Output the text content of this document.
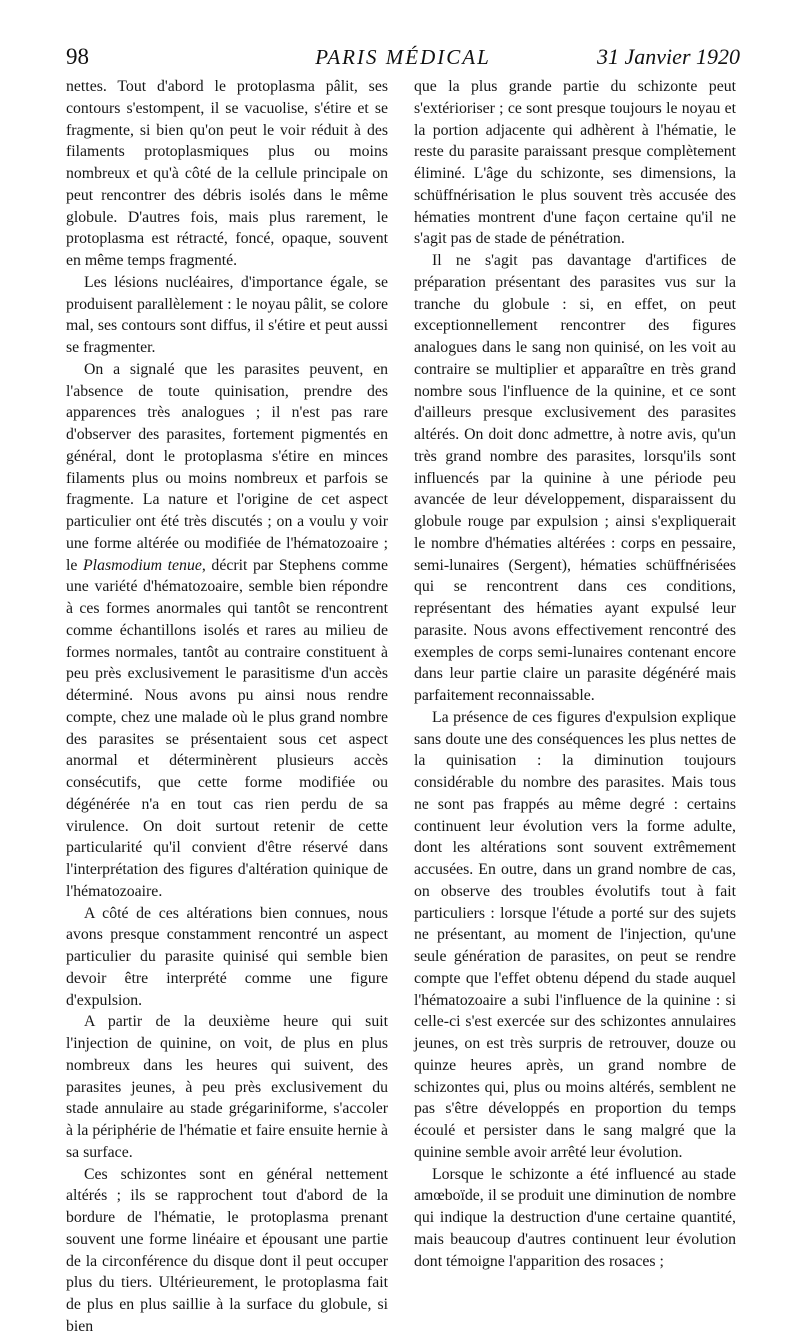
98	PARIS MÉDICAL	31 Janvier 1920

nettes. Tout d'abord le protoplasma pâlit, ses contours s'estompent, il se vacuolise, s'étire et se fragmente, si bien qu'on peut le voir réduit à des filaments protoplasmiques plus ou moins nombreux et qu'à côté de la cellule principale on peut rencontrer des débris isolés dans le même globule. D'autres fois, mais plus rarement, le protoplasma est rétracté, foncé, opaque, souvent en même temps fragmenté.

Les lésions nucléaires, d'importance égale, se produisent parallèlement : le noyau pâlit, se colore mal, ses contours sont diffus, il s'étire et peut aussi se fragmenter.

On a signalé que les parasites peuvent, en l'absence de toute quinisation, prendre des apparences très analogues ; il n'est pas rare d'observer des parasites, fortement pigmentés en général, dont le protoplasma s'étire en minces filaments plus ou moins nombreux et parfois se fragmente. La nature et l'origine de cet aspect particulier ont été très discutés ; on a voulu y voir une forme altérée ou modifiée de l'hématozoaire ; le Plasmodium tenue, décrit par Stephens comme une variété d'hématozoaire, semble bien répondre à ces formes anormales qui tantôt se rencontrent comme échantillons isolés et rares au milieu de formes normales, tantôt au contraire constituent à peu près exclusivement le parasitisme d'un accès déterminé. Nous avons pu ainsi nous rendre compte, chez une malade où le plus grand nombre des parasites se présentaient sous cet aspect anormal et déterminèrent plusieurs accès consécutifs, que cette forme modifiée ou dégénérée n'a en tout cas rien perdu de sa virulence. On doit surtout retenir de cette particularité qu'il convient d'être réservé dans l'interprétation des figures d'altération quinique de l'hématozoaire.

A côté de ces altérations bien connues, nous avons presque constamment rencontré un aspect particulier du parasite quinisé qui semble bien devoir être interprété comme une figure d'expulsion.

A partir de la deuxième heure qui suit l'injection de quinine, on voit, de plus en plus nombreux dans les heures qui suivent, des parasites jeunes, à peu près exclusivement du stade annulaire au stade grégariniforme, s'accoler à la périphérie de l'hématie et faire ensuite hernie à sa surface.

Ces schizontes sont en général nettement altérés ; ils se rapprochent tout d'abord de la bordure de l'hématie, le protoplasma prenant souvent une forme linéaire et épousant une partie de la circonférence du disque dont il peut occuper plus du tiers. Ultérieurement, le protoplasma fait de plus en plus saillie à la surface du globule, si bien

que la plus grande partie du schizonte peut s'extérioriser ; ce sont presque toujours le noyau et la portion adjacente qui adhèrent à l'hématie, le reste du parasite paraissant presque complètement éliminé. L'âge du schizonte, ses dimensions, la schüffnérisation le plus souvent très accusée des hématies montrent d'une façon certaine qu'il ne s'agit pas de stade de pénétration.

Il ne s'agit pas davantage d'artifices de préparation présentant des parasites vus sur la tranche du globule : si, en effet, on peut exceptionnellement rencontrer des figures analogues dans le sang non quinisé, on les voit au contraire se multiplier et apparaître en très grand nombre sous l'influence de la quinine, et ce sont d'ailleurs presque exclusivement des parasites altérés. On doit donc admettre, à notre avis, qu'un très grand nombre des parasites, lorsqu'ils sont influencés par la quinine à une période peu avancée de leur développement, disparaissent du globule rouge par expulsion ; ainsi s'expliquerait le nombre d'hématies altérées : corps en pessaire, semi-lunaires (Sergent), hématies schüffnérisées qui se rencontrent dans ces conditions, représentant des hématies ayant expulsé leur parasite. Nous avons effectivement rencontré des exemples de corps semi-lunaires contenant encore dans leur partie claire un parasite dégénéré mais parfaitement reconnaissable.

La présence de ces figures d'expulsion explique sans doute une des conséquences les plus nettes de la quinisation : la diminution toujours considérable du nombre des parasites. Mais tous ne sont pas frappés au même degré : certains continuent leur évolution vers la forme adulte, dont les altérations sont souvent extrêmement accusées. En outre, dans un grand nombre de cas, on observe des troubles évolutifs tout à fait particuliers : lorsque l'étude a porté sur des sujets ne présentant, au moment de l'injection, qu'une seule génération de parasites, on peut se rendre compte que l'effet obtenu dépend du stade auquel l'hématozoaire a subi l'influence de la quinine : si celle-ci s'est exercée sur des schizontes annulaires jeunes, on est très surpris de retrouver, douze ou quinze heures après, un grand nombre de schizontes qui, plus ou moins altérés, semblent ne pas s'être développés en proportion du temps écoulé et persister dans le sang malgré que la quinine semble avoir arrêté leur évolution.

Lorsque le schizonte a été influencé au stade amœboïde, il se produit une diminution de nombre qui indique la destruction d'une certaine quantité, mais beaucoup d'autres continuent leur évolution dont témoigne l'apparition des rosaces ;
